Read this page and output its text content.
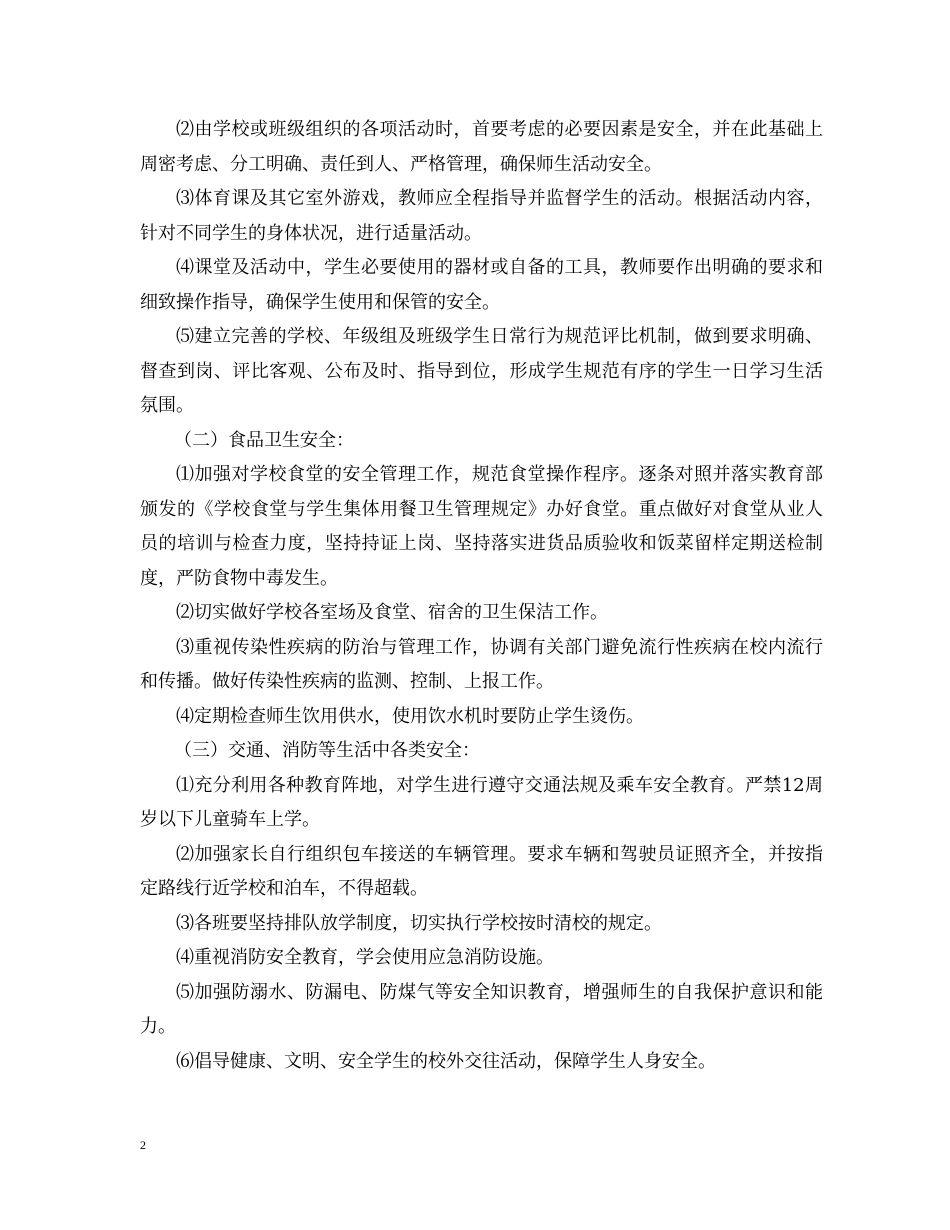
⑵由学校或班级组织的各项活动时，首要考虑的必要因素是安全，并在此基础上周密考虑、分工明确、责任到人、严格管理，确保师生活动安全。

⑶体育课及其它室外游戏，教师应全程指导并监督学生的活动。根据活动内容，针对不同学生的身体状况，进行适量活动。

⑷课堂及活动中，学生必要使用的器材或自备的工具，教师要作出明确的要求和细致操作指导，确保学生使用和保管的安全。

⑸建立完善的学校、年级组及班级学生日常行为规范评比机制，做到要求明确、督查到岗、评比客观、公布及时、指导到位，形成学生规范有序的学生一日学习生活氛围。

（二）食品卫生安全：

⑴加强对学校食堂的安全管理工作，规范食堂操作程序。逐条对照并落实教育部颁发的《学校食堂与学生集体用餐卫生管理规定》办好食堂。重点做好对食堂从业人员的培训与检查力度，坚持持证上岗、坚持落实进货品质验收和饭菜留样定期送检制度，严防食物中毒发生。

⑵切实做好学校各室场及食堂、宿舍的卫生保洁工作。

⑶重视传染性疾病的防治与管理工作，协调有关部门避免流行性疾病在校内流行和传播。做好传染性疾病的监测、控制、上报工作。

⑷定期检查师生饮用供水，使用饮水机时要防止学生烫伤。

（三）交通、消防等生活中各类安全：

⑴充分利用各种教育阵地，对学生进行遵守交通法规及乘车安全教育。严禁12周岁以下儿童骑车上学。

⑵加强家长自行组织包车接送的车辆管理。要求车辆和驾驶员证照齐全，并按指定路线行近学校和泊车，不得超载。

⑶各班要坚持排队放学制度，切实执行学校按时清校的规定。

⑷重视消防安全教育，学会使用应急消防设施。

⑸加强防溺水、防漏电、防煤气等安全知识教育，增强师生的自我保护意识和能力。

⑹倡导健康、文明、安全学生的校外交往活动，保障学生人身安全。

2
